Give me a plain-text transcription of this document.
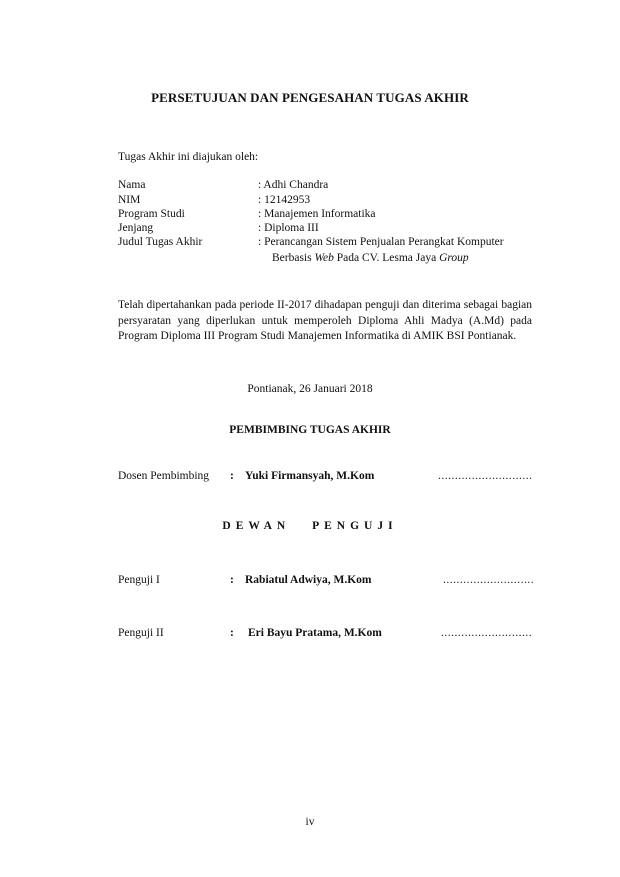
PERSETUJUAN DAN PENGESAHAN TUGAS AKHIR
Tugas Akhir ini diajukan oleh:
Nama	: Adhi Chandra
NIM	: 12142953
Program Studi	: Manajemen Informatika
Jenjang	: Diploma III
Judul Tugas Akhir	: Perancangan Sistem Penjualan Perangkat Komputer
Berbasis Web Pada CV. Lesma Jaya Group
Telah dipertahankan pada periode II-2017 dihadapan penguji dan diterima sebagai bagian persyaratan yang diperlukan untuk memperoleh Diploma Ahli Madya (A.Md) pada Program Diploma III Program Studi Manajemen Informatika di AMIK BSI Pontianak.
Pontianak, 26 Januari 2018
PEMBIMBING TUGAS AKHIR
Dosen Pembimbing : Yuki Firmansyah, M.Kom	............................
DEWAN PENGUJI
Penguji I	: Rabiatul Adwiya, M.Kom	...........................
Penguji II	: Eri Bayu Pratama, M.Kom	...........................
iv
